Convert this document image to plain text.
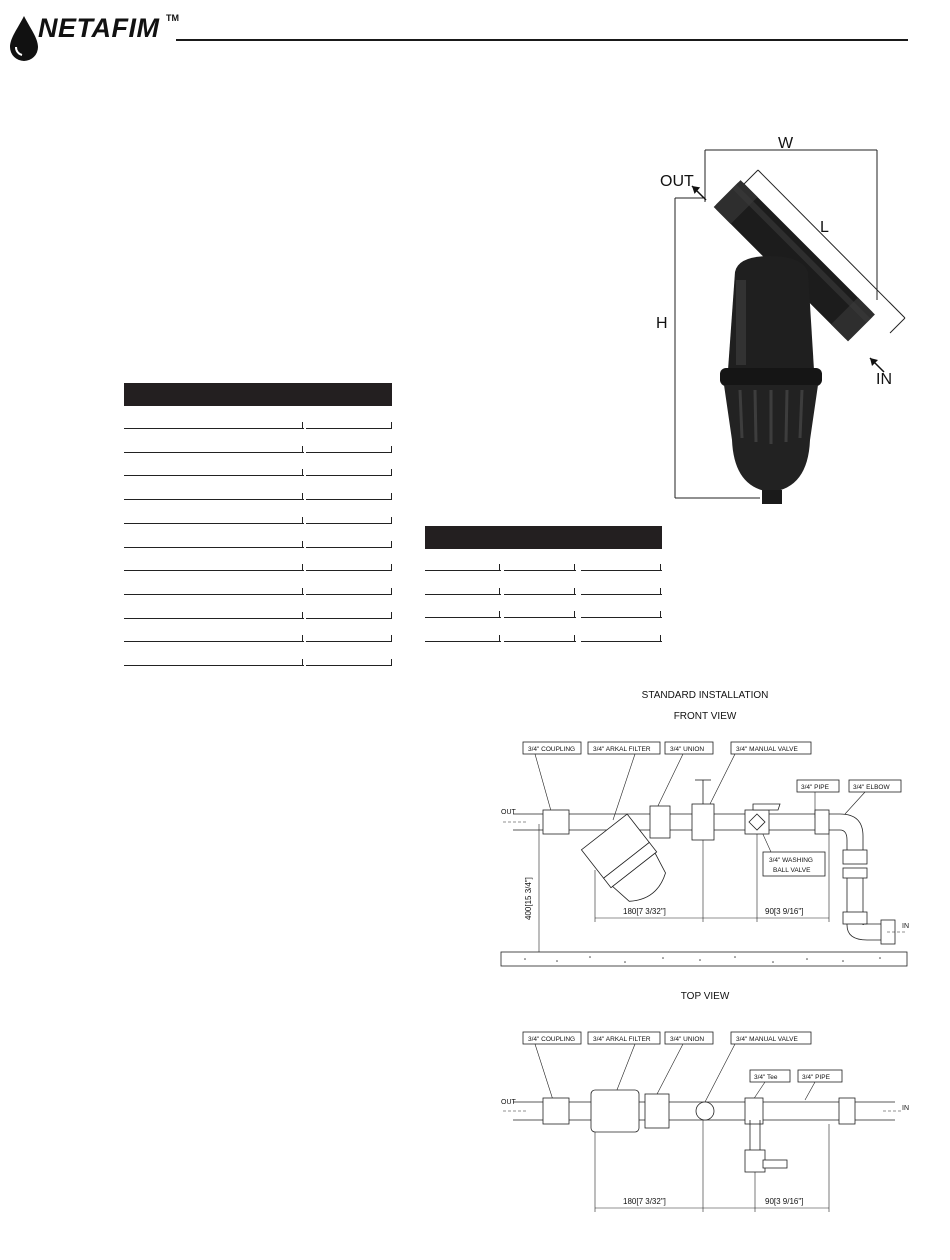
NETAFIM TM
W
H
L
OUT
IN
STANDARD INSTALLATION
FRONT VIEW
3/4" COUPLING	3/4" ARKAL FILTER	3/4" UNION	3/4" MANUAL VALVE
3/4" PIPE	3/4" ELBOW
3/4" WASHING
BALL VALVE
OUT
IN
180[7 3/32"]	90[3 9/16"]
400[15 3/4"]
TOP VIEW
3/4" COUPLING	3/4" ARKAL FILTER	3/4" UNION	3/4" MANUAL VALVE
3/4" Tee	3/4" PIPE
OUT
IN
180[7 3/32"]	90[3 9/16"]
